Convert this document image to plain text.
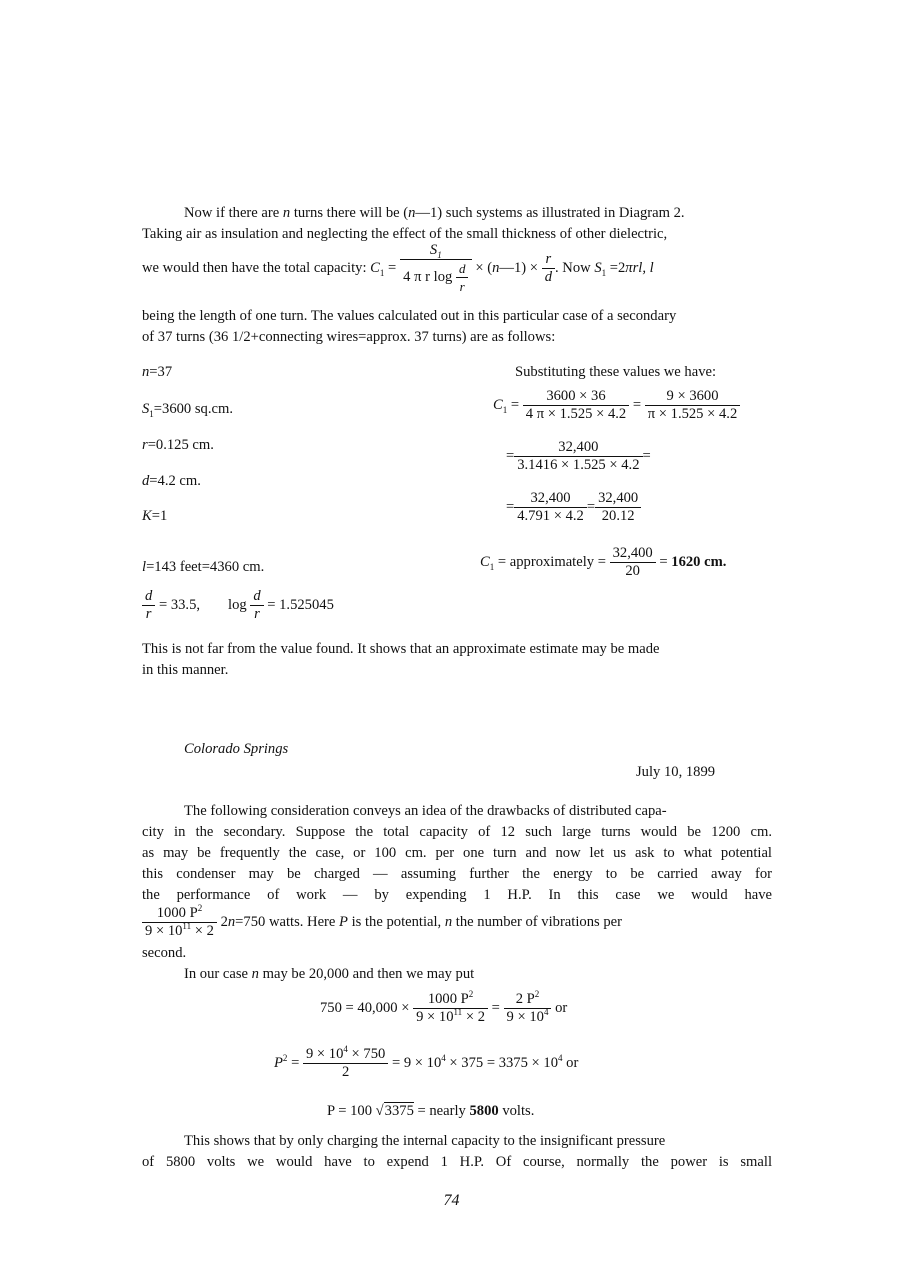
Now if there are n turns there will be (n—1) such systems as illustrated in Diagram 2.
Taking air as insulation and neglecting the effect of the small thickness of other dielectric,
we would then have the total capacity: $C_1 = \frac{S_1}{4 \pi r \log \frac{d}{r}}$ × (n—1) × $\frac{r}{d}$ . Now $S_1 =2\pi rl$, l
being the length of one turn. The values calculated out in this particular case of a secondary
of 37 turns (36 1/2+connecting wires=approx. 37 turns) are as follows:
n=37
$S_1=3600$ sq.cm.
r=0.125 cm.
d=4.2 cm.
K=1
l=143 feet=4360 cm.
$\frac{d}{r} = 33.5$, $\log \frac{d}{r} = 1.525045$
Substituting these values we have:
$C_1 = \frac{3600 \times 36}{4 \pi \times 1.525 \times 4.2} = \frac{9 \times 3600}{\pi \times 1.525 \times 4.2}$
= $\frac{32,400}{3.1416 \times 1.525 \times 4.2}$ =
= $\frac{32,400}{4.791 \times 4.2} = \frac{32,400}{20.12}$
$C_1$ = approximately = $\frac{32,400}{20} = 1620$ cm.
This is not far from the value found. It shows that an approximate estimate may be made
in this manner.
Colorado Springs
July 10, 1899
The following consideration conveys an idea of the drawbacks of distributed capa-
city in the secondary. Suppose the total capacity of 12 such large turns would be 1200 cm.
as may be frequently the case, or 100 cm. per one turn and now let us ask to what potential
this condenser may be charged — assuming further the energy to be carried away for
the performance of work — by expending 1 H.P. In this case we would have
$\frac{1000 P^2}{9 \times 10^{11} \times 2} 2n=750$ watts. Here P is the potential, n the number of vibrations per
second.
In our case n may be 20,000 and then we may put
$750 = 40,000 \times \frac{1000 P^2}{9 \times 10^{11} \times 2} = \frac{2 P^2}{9 \times 10^4}$ or
$P^2 = \frac{9 \times 10^4 \times 750}{2} = 9 \times 10^4 \times 375 = 3375 \times 10^4$ or
P = 100 √3375 = nearly 5800 volts.
This shows that by only charging the internal capacity to the insignificant pressure
of 5800 volts we would have to expend 1 H.P. Of course, normally the power is small
74
